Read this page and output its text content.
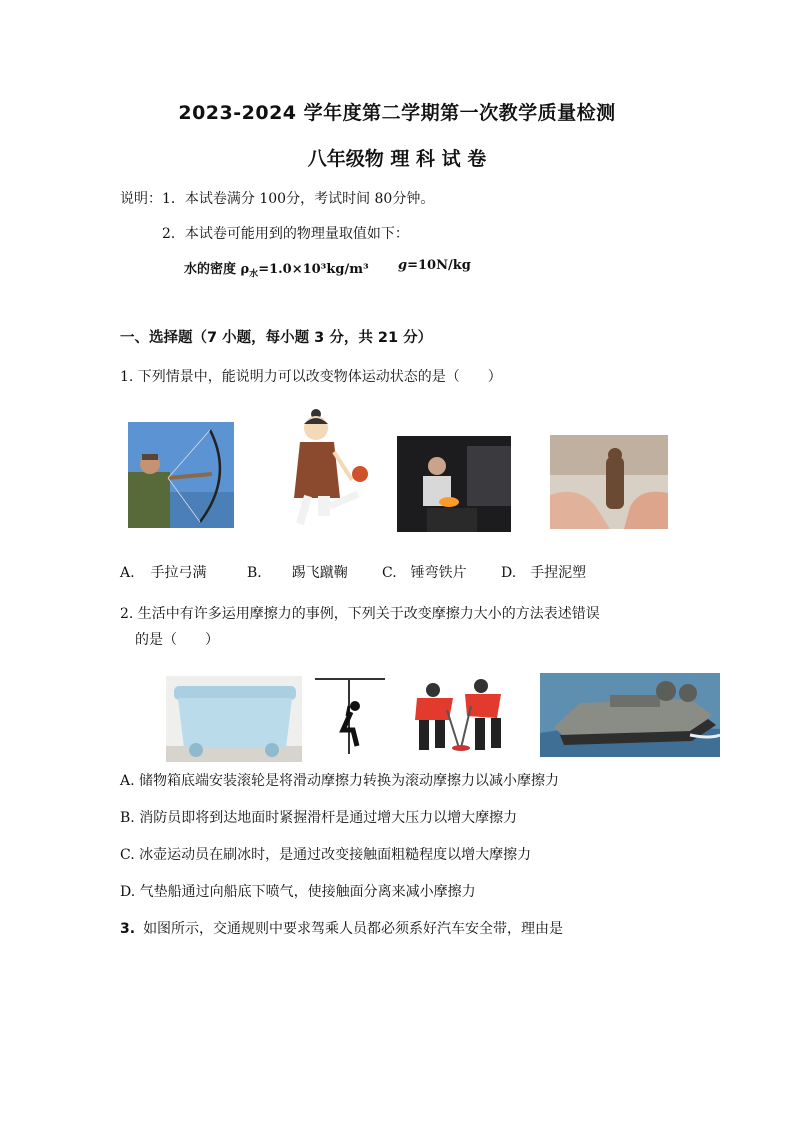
2023-2024 学年度第二学期第一次教学质量检测
八年级物 理 科 试 卷
说明：1．本试卷满分 100分，考试时间 80分钟。
2．本试卷可能用到的物理量取值如下：
水的密度 $\rho_水=1.0\times 10^3kg/m^3$ g=10N/kg
一、选择题（7 小题，每小题 3 分，共 21 分）
1. 下列情景中，能说明力可以改变物体运动状态的是（　　）
A. 手拉弓满	B. 踢飞蹴鞠 C. 锤弯铁片 D. 手捏泥塑
2. 生活中有许多运用摩擦力的事例，下列关于改变摩擦力大小的方法表述错误
的是（　　）
A. 储物箱底端安装滚轮是将滑动摩擦力转换为滚动摩擦力以减小摩擦力
B. 消防员即将到达地面时紧握滑杆是通过增大压力以增大摩擦力
C. 冰壶运动员在刷冰时，是通过改变接触面粗糙程度以增大摩擦力
D. 气垫船通过向船底下喷气，使接触面分离来减小摩擦力
3. 如图所示，交通规则中要求驾乘人员都必须系好汽车安全带，理由是
